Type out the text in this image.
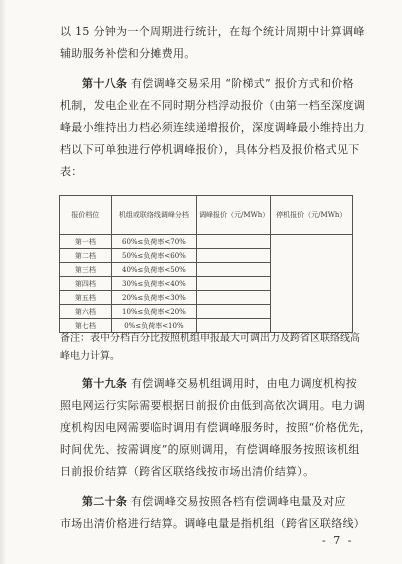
以 15 分钟为一个周期进行统计，在每个统计周期中计算调峰
辅助服务补偿和分摊费用。
第十八条 有偿调峰交易采用 “阶梯式” 报价方式和价格
机制，发电企业在不同时期分档浮动报价（由第一档至深度调
峰最小维持出力档必须连续递增报价，深度调峰最小维持出力
档以下可单独进行停机调峰报价），具体分档及报价格式见下
表：
报价档位	机组或联络线调峰分档	调峰报价（元/MWh）	停机报价（元/MWh）
第一档	60%≤负荷率<70%		
第二档	50%≤负荷率<60%		
第三档	40%≤负荷率<50%		
第四档	30%≤负荷率<40%		
第五档	20%≤负荷率<30%		
第六档	10%≤负荷率<20%		
第七档	0%≤负荷率<10%		
备注：表中分档百分比按照机组申报最大可调出力及跨省区联络线高
峰电力计算。
第十九条 有偿调峰交易机组调用时，由电力调度机构按
照电网运行实际需要根据日前报价由低到高依次调用。电力调
度机构因电网需要临时调用有偿调峰服务时，按照“价格优先，
时间优先、按需调度”的原则调用，有偿调峰服务按照该机组
日前报价结算（跨省区联络线按市场出清价结算）。
第二十条 有偿调峰交易按照各档有偿调峰电量及对应
市场出清价格进行结算。调峰电量是指机组（跨省区联络线）
- 7 -
